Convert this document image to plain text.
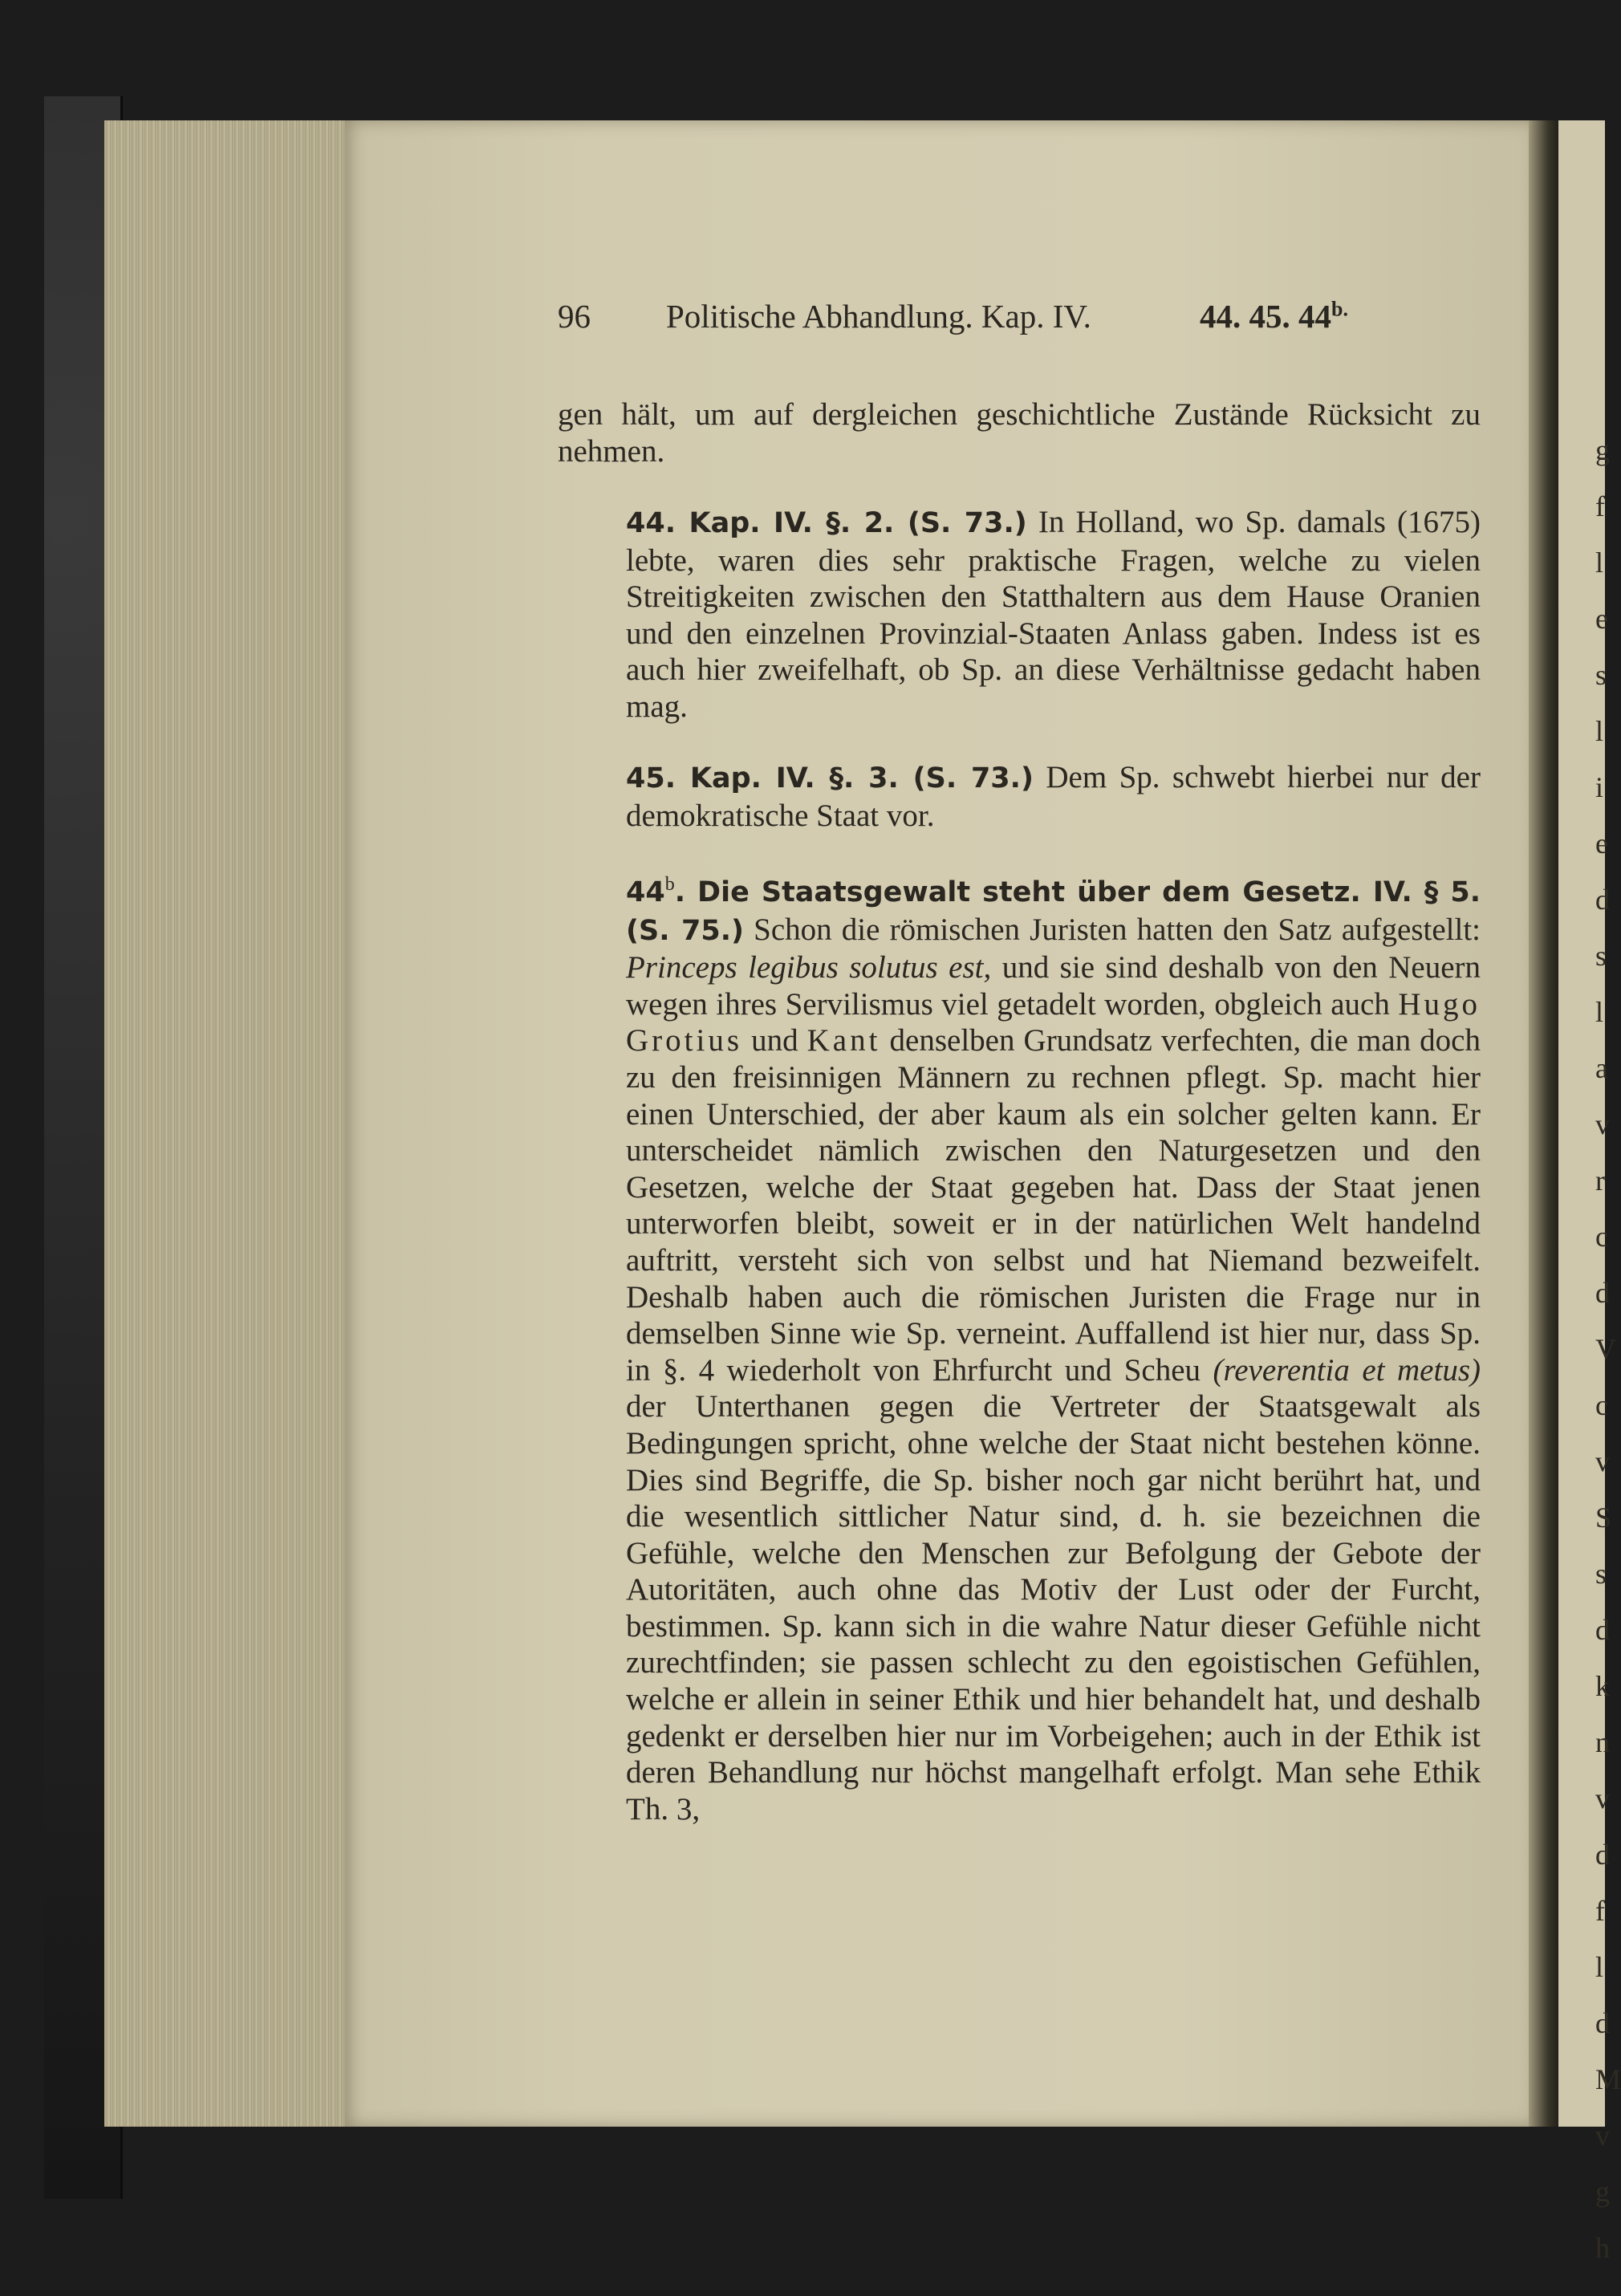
g
f
l
e
s
l
i
e
d
s
l
a
v
r
c
d
V
c
v
S
s
d
k
n
v
d
f
l
d
M
v
g
h
96 Politische Abhandlung. Kap. IV.	44. 45. $44^{b.}$

gen hält, um auf dergleichen geschichtliche Zustände Rücksicht zu nehmen.

44. Kap. IV. §. 2. (S. 73.) In Holland, wo Sp. damals (1675) lebte, waren dies sehr praktische Fragen, welche zu vielen Streitigkeiten zwischen den Statthaltern aus dem Hause Oranien und den einzelnen Provinzial-Staaten Anlass gaben. Indess ist es auch hier zweifelhaft, ob Sp. an diese Verhältnisse gedacht haben mag.

45. Kap. IV. §. 3. (S. 73.) Dem Sp. schwebt hierbei nur der demokratische Staat vor.

44$^b$. Die Staatsgewalt steht über dem Gesetz. IV. § 5. (S. 75.) Schon die römischen Juristen hatten den Satz aufgestellt: Princeps legibus solutus est, und sie sind deshalb von den Neuern wegen ihres Servilismus viel getadelt worden, obgleich auch Hugo Grotius und Kant denselben Grundsatz verfechten, die man doch zu den freisinnigen Männern zu rechnen pflegt. Sp. macht hier einen Unterschied, der aber kaum als ein solcher gelten kann. Er unterscheidet nämlich zwischen den Naturgesetzen und den Gesetzen, welche der Staat gegeben hat. Dass der Staat jenen unterworfen bleibt, soweit er in der natürlichen Welt handelnd auftritt, versteht sich von selbst und hat Niemand bezweifelt. Deshalb haben auch die römischen Juristen die Frage nur in demselben Sinne wie Sp. verneint. Auffallend ist hier nur, dass Sp. in §. 4 wiederholt von Ehrfurcht und Scheu (reverentia et metus) der Unterthanen gegen die Vertreter der Staatsgewalt als Bedingungen spricht, ohne welche der Staat nicht bestehen könne. Dies sind Begriffe, die Sp. bisher noch gar nicht berührt hat, und die wesentlich sittlicher Natur sind, d. h. sie bezeichnen die Gefühle, welche den Menschen zur Befolgung der Gebote der Autoritäten, auch ohne das Motiv der Lust oder der Furcht, bestimmen. Sp. kann sich in die wahre Natur dieser Gefühle nicht zurechtfinden; sie passen schlecht zu den egoistischen Gefühlen, welche er allein in seiner Ethik und hier behandelt hat, und deshalb gedenkt er derselben hier nur im Vorbeigehen; auch in der Ethik ist deren Behandlung nur höchst mangelhaft erfolgt. Man sehe Ethik Th. 3,
